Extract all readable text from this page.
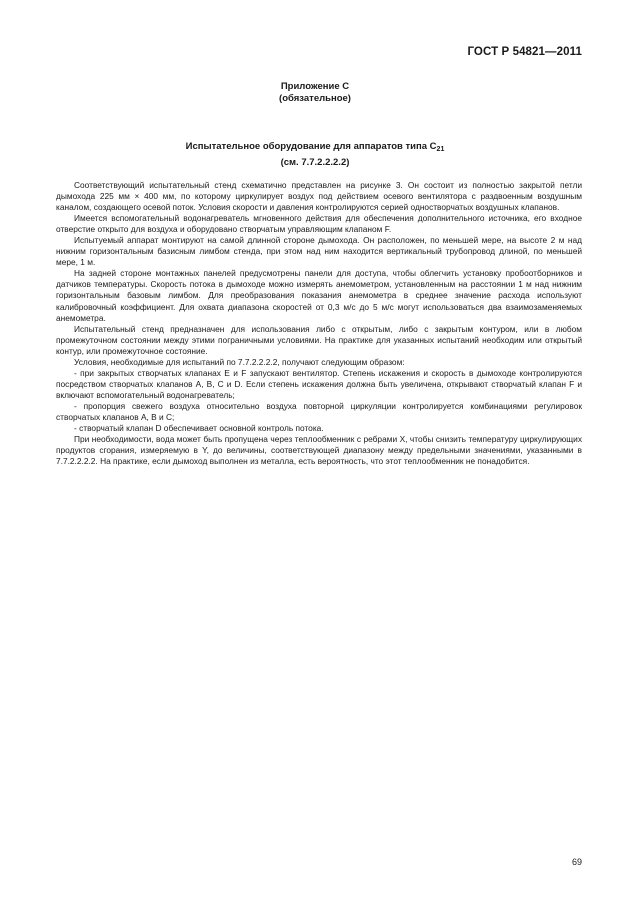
ГОСТ Р 54821—2011
Приложение С
(обязательное)
Испытательное оборудование для аппаратов типа $С_{21}$
(см. 7.7.2.2.2.2)

Соответствующий испытательный стенд схематично представлен на рисунке 3. Он состоит из полностью закрытой петли дымохода 225 мм × 400 мм, по которому циркулирует воздух под действием осевого вентилятора с раздвоенным воздушным каналом, создающего осевой поток. Условия скорости и давления контролируются серией одностворчатых воздушных клапанов.

Имеется вспомогательный водонагреватель мгновенного действия для обеспечения дополнительного источника, его входное отверстие открыто для воздуха и оборудовано створчатым управляющим клапаном F.

Испытуемый аппарат монтируют на самой длинной стороне дымохода. Он расположен, по меньшей мере, на высоте 2 м над нижним горизонтальным базисным лимбом стенда, при этом над ним находится вертикальный трубопровод длиной, по меньшей мере, 1 м.

На задней стороне монтажных панелей предусмотрены панели для доступа, чтобы облегчить установку пробоотборников и датчиков температуры. Скорость потока в дымоходе можно измерять анемометром, установленным на расстоянии 1 м над нижним горизонтальным базовым лимбом. Для преобразования показания анемометра в среднее значение расхода используют калибровочный коэффициент. Для охвата диапазона скоростей от 0,3 м/с до 5 м/с могут использоваться два взаимозаменяемых анемометра.

Испытательный стенд предназначен для использования либо с открытым, либо с закрытым контуром, или в любом промежуточном состоянии между этими пограничными условиями. На практике для указанных испытаний необходим или открытый контур, или промежуточное состояние.

Условия, необходимые для испытаний по 7.7.2.2.2.2, получают следующим образом:

- при закрытых створчатых клапанах E и F запускают вентилятор. Степень искажения и скорость в дымоходе контролируются посредством створчатых клапанов A, B, C и D. Если степень искажения должна быть увеличена, открывают створчатый клапан F и включают вспомогательный водонагреватель;

- пропорция свежего воздуха относительно воздуха повторной циркуляции контролируется комбинациями регулировок створчатых клапанов A, B и C;

- створчатый клапан D обеспечивает основной контроль потока.

При необходимости, вода может быть пропущена через теплообменник с ребрами X, чтобы снизить температуру циркулирующих продуктов сгорания, измеряемую в Y, до величины, соответствующей диапазону между предельными значениями, указанными в 7.7.2.2.2.2. На практике, если дымоход выполнен из металла, есть вероятность, что этот теплообменник не понадобится.

69
